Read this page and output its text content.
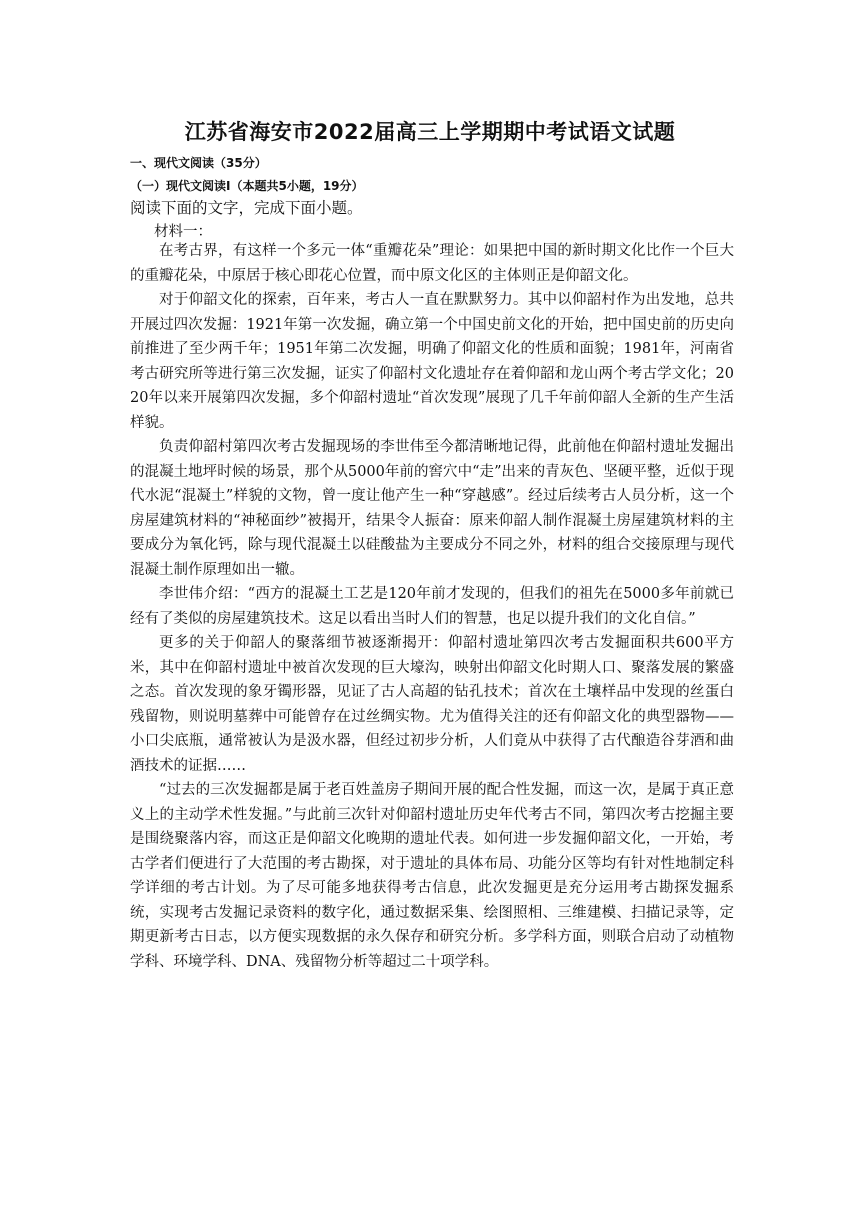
江苏省海安市2022届高三上学期期中考试语文试题
一、现代文阅读（35分）
（一）现代文阅读Ⅰ（本题共5小题，19分）
阅读下面的文字，完成下面小题。
材料一：

在考古界，有这样一个多元一体“重瓣花朵”理论：如果把中国的新时期文化比作一个巨大的重瓣花朵，中原居于核心即花心位置，而中原文化区的主体则正是仰韶文化。

对于仰韶文化的探索，百年来，考古人一直在默默努力。其中以仰韶村作为出发地，总共开展过四次发掘：1921年第一次发掘，确立第一个中国史前文化的开始，把中国史前的历史向前推进了至少两千年；1951年第二次发掘，明确了仰韶文化的性质和面貌；1981年，河南省考古研究所等进行第三次发掘，证实了仰韶村文化遗址存在着仰韶和龙山两个考古学文化；2020年以来开展第四次发掘，多个仰韶村遗址“首次发现”展现了几千年前仰韶人全新的生产生活样貌。

负责仰韶村第四次考古发掘现场的李世伟至今都清晰地记得，此前他在仰韶村遗址发掘出的混凝土地坪时候的场景，那个从5000年前的窖穴中“走”出来的青灰色、坚硬平整，近似于现代水泥“混凝土”样貌的文物，曾一度让他产生一种“穿越感”。经过后续考古人员分析，这一个房屋建筑材料的“神秘面纱”被揭开，结果令人振奋：原来仰韶人制作混凝土房屋建筑材料的主要成分为氧化钙，除与现代混凝土以硅酸盐为主要成分不同之外，材料的组合交接原理与现代混凝土制作原理如出一辙。

李世伟介绍：“西方的混凝土工艺是120年前才发现的，但我们的祖先在5000多年前就已经有了类似的房屋建筑技术。这足以看出当时人们的智慧，也足以提升我们的文化自信。”

更多的关于仰韶人的聚落细节被逐渐揭开：仰韶村遗址第四次考古发掘面积共600平方米，其中在仰韶村遗址中被首次发现的巨大壕沟，映射出仰韶文化时期人口、聚落发展的繁盛之态。首次发现的象牙镯形器，见证了古人高超的钻孔技术；首次在土壤样品中发现的丝蛋白残留物，则说明墓葬中可能曾存在过丝绸实物。尤为值得关注的还有仰韶文化的典型器物——小口尖底瓶，通常被认为是汲水器，但经过初步分析，人们竟从中获得了古代酿造谷芽酒和曲酒技术的证据……

“过去的三次发掘都是属于老百姓盖房子期间开展的配合性发掘，而这一次，是属于真正意义上的主动学术性发掘。”与此前三次针对仰韶村遗址历史年代考古不同，第四次考古挖掘主要是围绕聚落内容，而这正是仰韶文化晚期的遗址代表。如何进一步发掘仰韶文化，一开始，考古学者们便进行了大范围的考古勘探，对于遗址的具体布局、功能分区等均有针对性地制定科学详细的考古计划。为了尽可能多地获得考古信息，此次发掘更是充分运用考古勘探发掘系统，实现考古发掘记录资料的数字化，通过数据采集、绘图照相、三维建模、扫描记录等，定期更新考古日志，以方便实现数据的永久保存和研究分析。多学科方面，则联合启动了动植物学科、环境学科、DNA、残留物分析等超过二十项学科。
